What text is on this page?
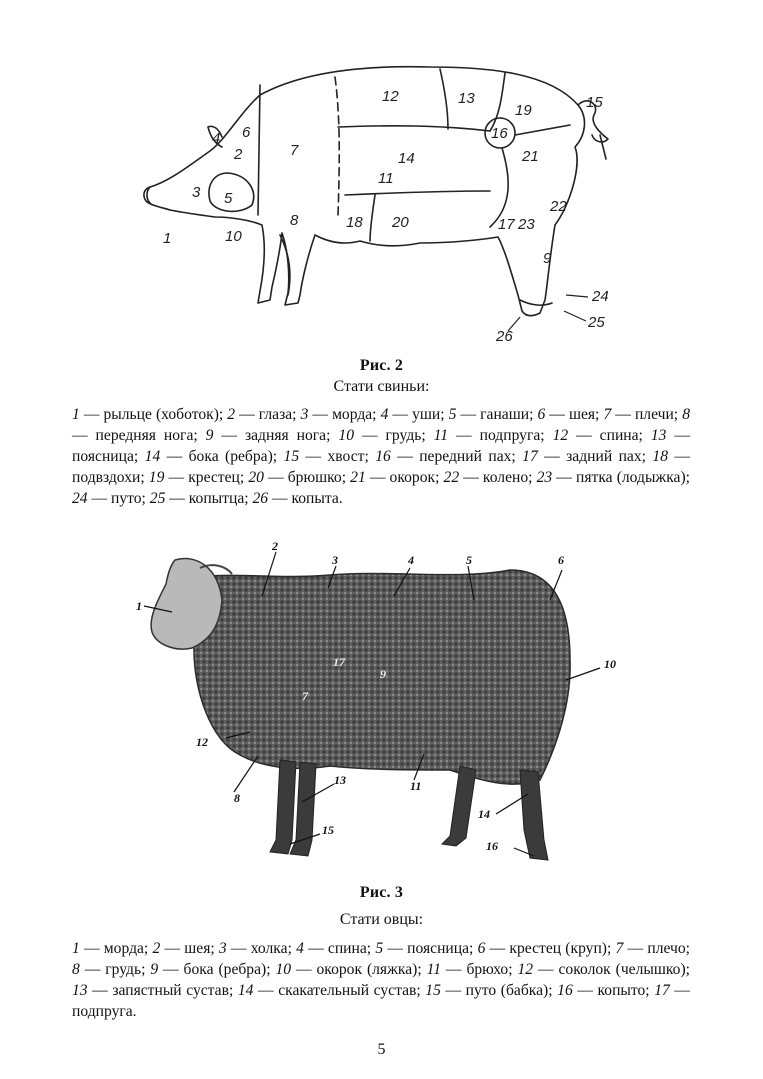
1
2
3
4
5
6
7
8
9
10
11
12	13
14
15
16
17
18
19
20
21
22
23
24
25
26
Рис. 2
Стати свиньи:
1 — рыльце (хоботок); 2 — глаза; 3 — морда; 4 — уши; 5 — ганаши; 6 — шея; 7 — плечи; 8 — передняя нога; 9 — задняя нога; 10 — грудь; 11 — подпруга; 12 — спина; 13 — поясница; 14 — бока (ребра); 15 — хвост; 16 — передний пах; 17 — задний пах; 18 — подвздохи; 19 — крестец; 20 — брюшко; 21 — окорок; 22 — колено; 23 — пятка (лодыжка); 24 — путо; 25 — копытца; 26 — копыта.
1
2
3	4	5	6
7
8
9
10
11
12
13
14
15
16
17
Рис. 3
Стати овцы:
1 — морда; 2 — шея; 3 — холка; 4 — спина; 5 — поясница; 6 — крестец (круп); 7 — плечо; 8 — грудь; 9 — бока (ребра); 10 — окорок (ляжка); 11 — брюхо; 12 — соколок (челышко); 13 — запястный сустав; 14 — скакательный сустав; 15 — путо (бабка); 16 — копыто; 17 — подпруга.
5
